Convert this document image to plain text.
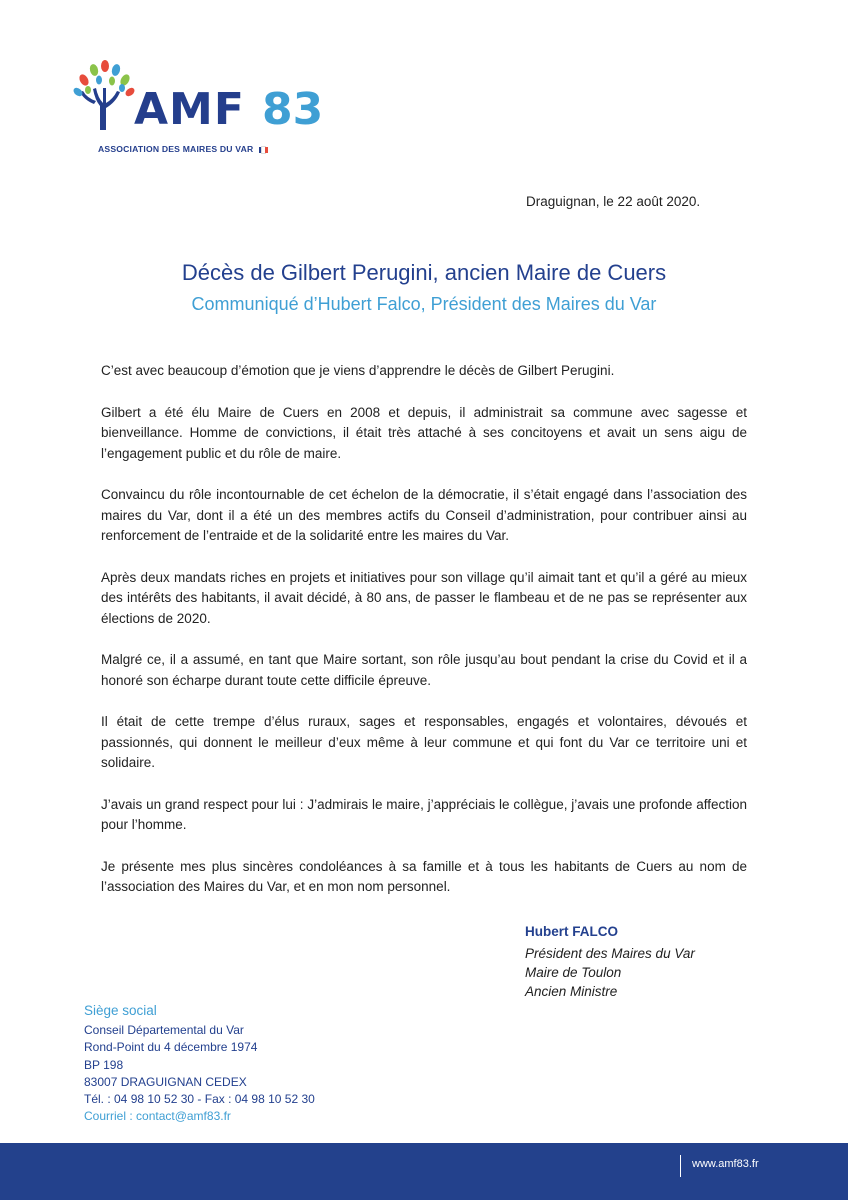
AMF 83
ASSOCIATION DES MAIRES DU VAR
Draguignan, le 22 août 2020.
Décès de Gilbert Perugini, ancien Maire de Cuers
Communiqué d’Hubert Falco, Président des Maires du Var

C’est avec beaucoup d’émotion que je viens d’apprendre le décès de Gilbert Perugini.

Gilbert a été élu Maire de Cuers en 2008 et depuis, il administrait sa commune avec sagesse et bienveillance. Homme de convictions, il était très attaché à ses concitoyens et avait un sens aigu de l’engagement public et du rôle de maire.

Convaincu du rôle incontournable de cet échelon de la démocratie, il s’était engagé dans l’association des maires du Var, dont il a été un des membres actifs du Conseil d’administration, pour contribuer ainsi au renforcement de l’entraide et de la solidarité entre les maires du Var.

Après deux mandats riches en projets et initiatives pour son village qu’il aimait tant et qu’il a géré au mieux des intérêts des habitants, il avait décidé, à 80 ans, de passer le flambeau et de ne pas se représenter aux élections de 2020.

Malgré ce, il a assumé, en tant que Maire sortant, son rôle jusqu’au bout pendant la crise du Covid et il a honoré son écharpe durant toute cette difficile épreuve.

Il était de cette trempe d’élus ruraux, sages et responsables, engagés et volontaires, dévoués et passionnés, qui donnent le meilleur d’eux même à leur commune et qui font du Var ce territoire uni et solidaire.

J’avais un grand respect pour lui : J’admirais le maire, j’appréciais le collègue, j’avais une profonde affection pour l’homme.

Je présente mes plus sincères condoléances à sa famille et à tous les habitants de Cuers au nom de l’association des Maires du Var, et en mon nom personnel.

Hubert FALCO
Président des Maires du Var
Maire de Toulon
Ancien Ministre
Siège social
Conseil Départemental du Var
Rond-Point du 4 décembre 1974
BP 198
83007 DRAGUIGNAN CEDEX
Tél. : 04 98 10 52 30 - Fax : 04 98 10 52 30
Courriel : contact@amf83.fr
www.amf83.fr
